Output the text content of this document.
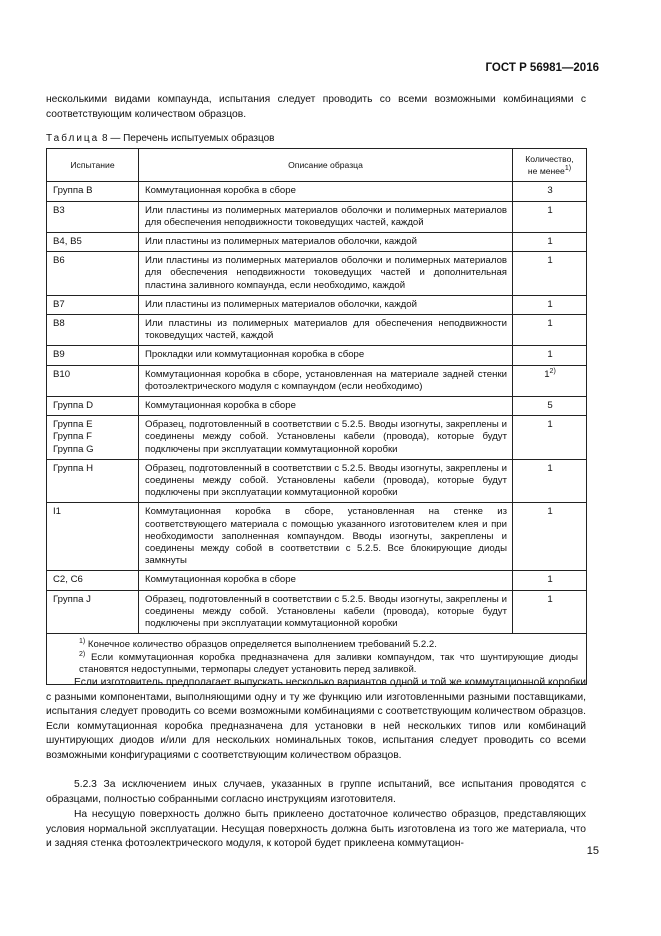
ГОСТ Р 56981—2016

несколькими видами компаунда, испытания следует проводить со всеми возможными комбинациями с соответствующим количеством образцов.

Таблица 8 — Перечень испытуемых образцов
Испытание	Описание образца	Количество,
не менее$^{1)}$
Группа B	Коммутационная коробка в сборе	3
B3	Или пластины из полимерных материалов оболочки и полимерных материалов для обеспечения неподвижности токоведущих частей, каждой	1
B4, B5	Или пластины из полимерных материалов оболочки, каждой	1
B6	Или пластины из полимерных материалов оболочки и полимерных материалов для обеспечения неподвижности токоведущих частей и дополнительная пластина заливного компаунда, если необходимо, каждой	1
B7	Или пластины из полимерных материалов оболочки, каждой	1
B8	Или пластины из полимерных материалов для обеспечения неподвижности токоведущих частей, каждой	1
B9	Прокладки или коммутационная коробка в сборе	1
B10	Коммутационная коробка в сборе, установленная на материале задней стенки фотоэлектрического модуля с компаундом (если необходимо)	1$^{2)}$
Группа D	Коммутационная коробка в сборе	5
Группа E
Группа F
Группа G	Образец, подготовленный в соответствии с 5.2.5. Вводы изогнуты, закреплены и соединены между собой. Установлены кабели (провода), которые будут подключены при эксплуатации коммутационной коробки	1
Группа H	Образец, подготовленный в соответствии с 5.2.5. Вводы изогнуты, закреплены и соединены между собой. Установлены кабели (провода), которые будут подключены при эксплуатации коммутационной коробки	1
I1	Коммутационная коробка в сборе, установленная на стенке из соответствующего материала с помощью указанного изготовителем клея и при необходимости заполненная компаундом. Вводы изогнуты, закреплены и соединены между собой в соответствии с 5.2.5. Все блокирующие диоды замкнуты	1
C2, C6	Коммутационная коробка в сборе	1
Группа J	Образец, подготовленный в соответствии с 5.2.5. Вводы изогнуты, закреплены и соединены между собой. Установлены кабели (провода), которые будут подключены при эксплуатации коммутационной коробки	1

$^{1)}$ Конечное количество образцов определяется выполнением требований 5.2.2.
$^{2)}$ Если коммутационная коробка предназначена для заливки компаундом, так что шунтирующие диоды становятся недоступными, термопары следует установить перед заливкой.		

Если изготовитель предполагает выпускать несколько вариантов одной и той же коммутационной коробки с разными компонентами, выполняющими одну и ту же функцию или изготовленными разными поставщиками, испытания следует проводить со всеми возможными комбинациями с соответствующим количеством образцов. Если коммутационная коробка предназначена для установки в ней нескольких типов или комбинаций шунтирующих диодов и/или для нескольких номинальных токов, испытания следует проводить со всеми возможными конфигурациями с соответствующим количеством образцов.

5.2.3 За исключением иных случаев, указанных в группе испытаний, все испытания проводятся с образцами, полностью собранными согласно инструкциям изготовителя.

На несущую поверхность должно быть приклеено достаточное количество образцов, представляющих условия нормальной эксплуатации. Несущая поверхность должна быть изготовлена из того же материала, что и задняя стенка фотоэлектрического модуля, к которой будет приклеена коммутацион-

15
